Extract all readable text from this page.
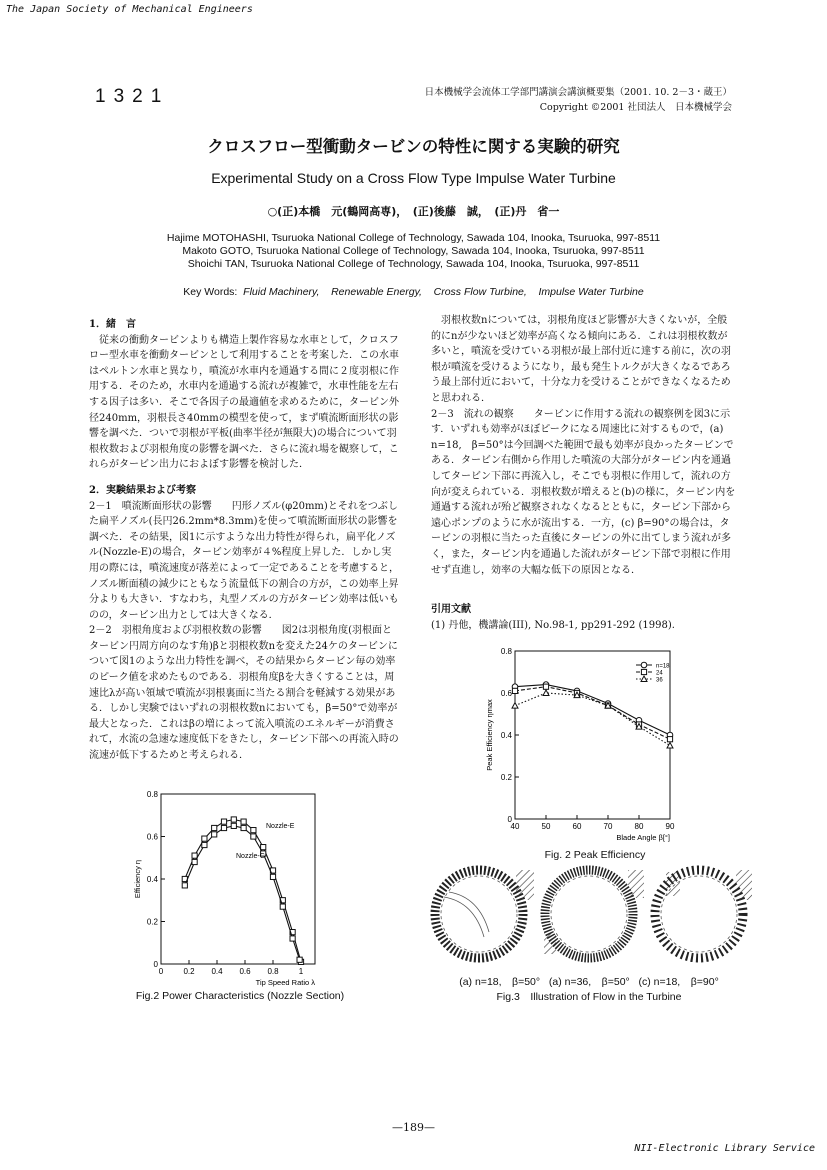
The Japan Society of Mechanical Engineers
1321	日本機械学会流体工学部門講演会講演概要集（2001. 10. 2－3・蔵王）
Copyright ©2001 社団法人　日本機械学会
クロスフロー型衝動タービンの特性に関する実験的研究
Experimental Study on a Cross Flow Type Impulse Water Turbine
○(正)本橋　元(鶴岡高専)，　(正)後藤　誠，　(正)丹　省一
Hajime MOTOHASHI, Tsuruoka National College of Technology, Sawada 104, Inooka, Tsuruoka, 997-8511
Makoto GOTO, Tsuruoka National College of Technology, Sawada 104, Inooka, Tsuruoka, 997-8511
Shoichi TAN, Tsuruoka National College of Technology, Sawada 104, Inooka, Tsuruoka, 997-8511
Key Words: Fluid Machinery, Renewable Energy, Cross Flow Turbine, Impulse Water Turbine

1．緒　言

従来の衝動タービンよりも構造上製作容易な水車として，クロスフロー型水車を衝動タービンとして利用することを考案した．この水車はペルトン水車と異なり，噴流が水車内を通過する間に２度羽根に作用する．そのため，水車内を通過する流れが複雑で，水車性能を左右する因子は多い．そこで各因子の最適値を求めるために，タービン外径240mm，羽根長さ40mmの模型を使って，まず噴流断面形状の影響を調べた．ついで羽根が平板(曲率半径が無限大)の場合について羽根枚数および羽根角度の影響を調べた．さらに流れ場を観察して，これらがタービン出力におよぼす影響を検討した．

2．実験結果および考察

2－1　噴流断面形状の影響　　円形ノズル(φ20mm)とそれをつぶした扁平ノズル(長円26.2mm*8.3mm)を使って噴流断面形状の影響を調べた．その結果，図1に示すような出力特性が得られ，扁平化ノズル(Nozzle-E)の場合，タービン効率が４%程度上昇した．しかし実用の際には，噴流速度が落差によって一定であることを考慮すると，ノズル断面積の減少にともなう流量低下の割合の方が，この効率上昇分よりも大きい．すなわち，丸型ノズルの方がタービン効率は低いものの，タービン出力としては大きくなる．

2－2　羽根角度および羽根枚数の影響　　図2は羽根角度(羽根面とタービン円周方向のなす角)βと羽根枚数nを変えた24ケのタービンについて図1のような出力特性を調べ，その結果からタービン毎の効率のピーク値を求めたものである．羽根角度βを大きくすることは，周速比λが高い領域で噴流が羽根裏面に当たる割合を軽減する効果がある．しかし実験ではいずれの羽根枚数nにおいても，β=50°で効率が最大となった．これはβの増によって流入噴流のエネルギーが消費されて，水流の急速な速度低下をきたし，タービン下部への再流入時の流速が低下するためと考えられる．

羽根枚数nについては，羽根角度ほど影響が大きくないが，全般的にnが少ないほど効率が高くなる傾向にある．これは羽根枚数が多いと，噴流を受けている羽根が最上部付近に達する前に，次の羽根が噴流を受けるようになり，最も発生トルクが大きくなるであろう最上部付近において，十分な力を受けることができなくなるためと思われる．

2－3　流れの観察　　タービンに作用する流れの観察例を図3に示す．いずれも効率がほぼピークになる周速比に対するもので，(a) n=18,　β=50°は今回調べた範囲で最も効率が良かったタービンである．タービン右側から作用した噴流の大部分がタービン内を通過してタービン下部に再流入し，そこでも羽根に作用して，流れの方向が変えられている．羽根枚数が増えると(b)の様に，タービン内を通過する流れが殆ど観察されなくなるとともに，タービン下部から遠心ポンプのように水が流出する．一方，(c) β=90°の場合は，タービンの羽根に当たった直後にタービンの外に出てしまう流れが多く，また，タービン内を通過した流れがタービン下部で羽根に作用せず直進し，効率の大幅な低下の原因となる．

引用文献
(1) 丹他，機講論(III), No.98-1, pp291-292 (1998).
40	50	60	70	80	90
0
0.2
0.4
0.6
0.8
Blade Angle β[°]
Peak Efficiency ηmax
n=18
24
36
Fig. 2 Peak Efficiency
0	0.2 0.4 0.6 0.8	1
0
0.2
0.4
0.6
0.8
Tip Speed Ratio λ
Efficiency η
Nozzle-E
Nozzle-C
Fig.2 Power Characteristics (Nozzle Section)
(a) n=18,　β=50° (a) n=36,　β=50° (c) n=18,　β=90°
Fig.3　Illustration of Flow in the Turbine
—189—
NII-Electronic Library Service
